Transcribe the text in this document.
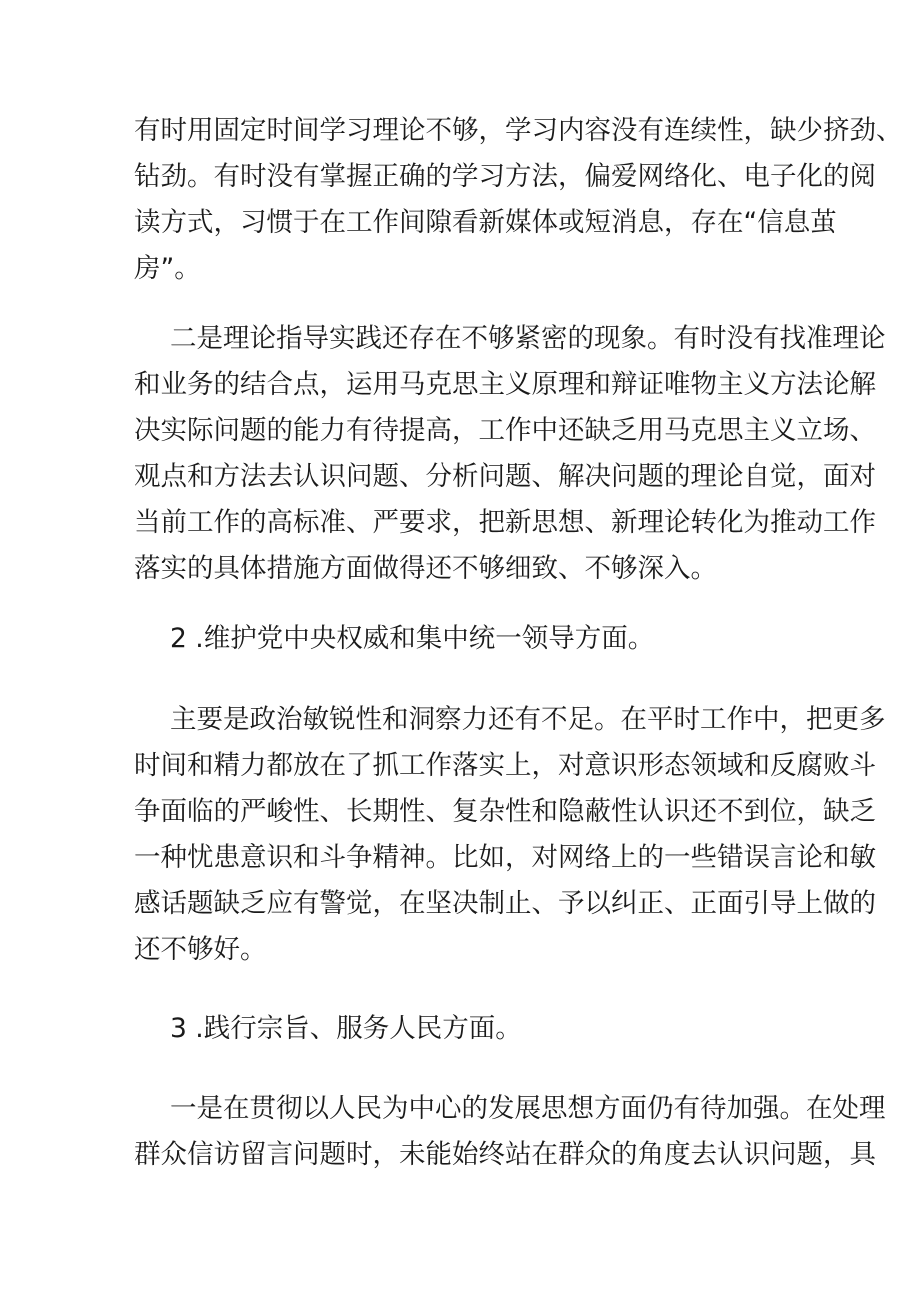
有时用固定时间学习理论不够，学习内容没有连续性，缺少挤劲、
钻劲。有时没有掌握正确的学习方法，偏爱网络化、电子化的阅
读方式，习惯于在工作间隙看新媒体或短消息，存在“信息茧
房”。
二是理论指导实践还存在不够紧密的现象。有时没有找准理论
和业务的结合点，运用马克思主义原理和辩证唯物主义方法论解
决实际问题的能力有待提高，工作中还缺乏用马克思主义立场、
观点和方法去认识问题、分析问题、解决问题的理论自觉，面对
当前工作的高标准、严要求，把新思想、新理论转化为推动工作
落实的具体措施方面做得还不够细致、不够深入。
2 .维护党中央权威和集中统一领导方面。
主要是政治敏锐性和洞察力还有不足。在平时工作中，把更多
时间和精力都放在了抓工作落实上，对意识形态领域和反腐败斗
争面临的严峻性、长期性、复杂性和隐蔽性认识还不到位，缺乏
一种忧患意识和斗争精神。比如，对网络上的一些错误言论和敏
感话题缺乏应有警觉，在坚决制止、予以纠正、正面引导上做的
还不够好。
3 .践行宗旨、服务人民方面。
一是在贯彻以人民为中心的发展思想方面仍有待加强。在处理
群众信访留言问题时，未能始终站在群众的角度去认识问题，具
